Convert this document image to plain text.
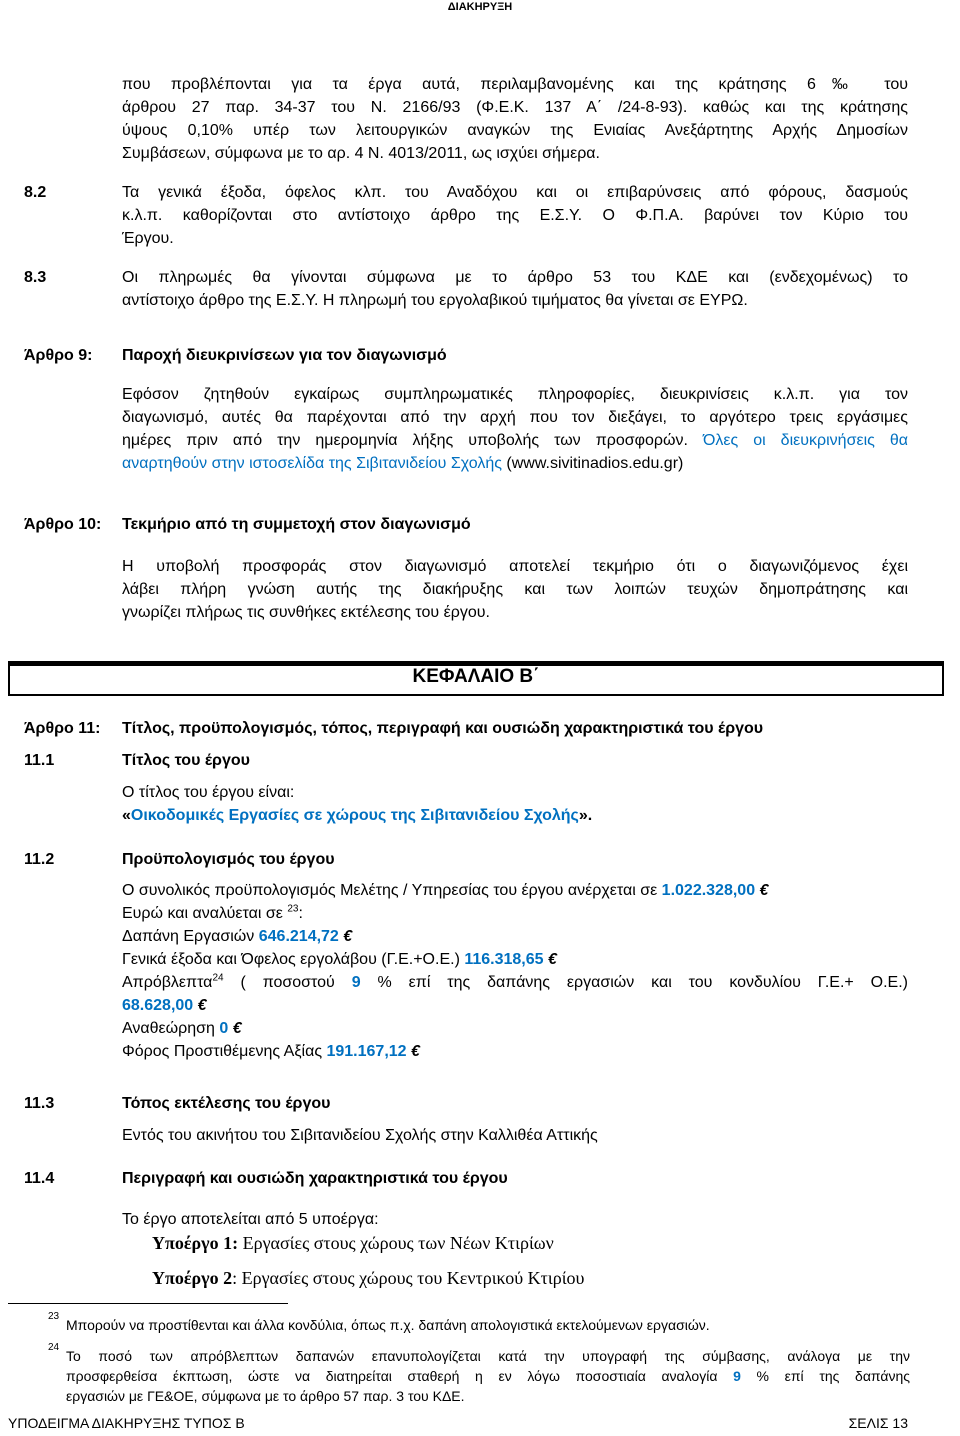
ΔΙΑΚΗΡΥΞΗ
που προβλέπονται για τα έργα αυτά, περιλαμβανομένης και της κράτησης 6‰ του
άρθρου 27 παρ. 34-37 του Ν. 2166/93 (Φ.Ε.Κ. 137 Α΄ /24-8-93). καθώς και της κράτησης
ύψους 0,10% υπέρ των λειτουργικών αναγκών της Ενιαίας Ανεξάρτητης Αρχής Δημοσίων
Συμβάσεων, σύμφωνα με το αρ. 4 Ν. 4013/2011, ως ισχύει σήμερα.
8.2	Τα γενικά έξοδα, όφελος κλπ. του Αναδόχου και οι επιβαρύνσεις από φόρους, δασμούς
κ.λ.π. καθορίζονται στο αντίστοιχο άρθρο της Ε.Σ.Υ. Ο Φ.Π.Α. βαρύνει τον Κύριο του
Έργου.
8.3	Οι πληρωμές θα γίνονται σύμφωνα με το άρθρο 53 του ΚΔΕ και (ενδεχομένως) το
αντίστοιχο άρθρο της Ε.Σ.Υ. Η πληρωμή του εργολαβικού τιμήματος θα γίνεται σε ΕΥΡΩ.
Άρθρο 9: Παροχή διευκρινίσεων για τον διαγωνισμό
Εφόσον ζητηθούν εγκαίρως συμπληρωματικές πληροφορίες, διευκρινίσεις κ.λ.π. για τον
διαγωνισμό, αυτές θα παρέχονται από την αρχή που τον διεξάγει, το αργότερο τρεις εργάσιμες
ημέρες πριν από την ημερομηνία λήξης υποβολής των προσφορών. Όλες οι διευκρινήσεις θα
αναρτηθούν στην ιστοσελίδα της Σιβιτανιδείου Σχολής (www.sivitinadios.edu.gr)
Άρθρο 10: Τεκμήριο από τη συμμετοχή στον διαγωνισμό
Η υποβολή προσφοράς στον διαγωνισμό αποτελεί τεκμήριο ότι ο διαγωνιζόμενος έχει
λάβει πλήρη γνώση αυτής της διακήρυξης και των λοιπών τευχών δημοπράτησης και
γνωρίζει πλήρως τις συνθήκες εκτέλεσης του έργου.
ΚΕΦΑΛΑΙΟ Β΄
Άρθρο 11: Τίτλος, προϋπολογισμός, τόπος, περιγραφή και ουσιώδη χαρακτηριστικά του έργου
11.1	Τίτλος του έργου
Ο τίτλος του έργου είναι:
«Οικοδομικές Εργασίες σε χώρους της Σιβιτανιδείου Σχολής».
11.2	Προϋπολογισμός του έργου
Ο συνολικός προϋπολογισμός Μελέτης / Υπηρεσίας του έργου ανέρχεται σε 1.022.328,00 €
Ευρώ και αναλύεται σε $^{23}$:
Δαπάνη Εργασιών 646.214,72 €
Γενικά έξοδα και Όφελος εργολάβου (Γ.Ε.+Ο.Ε.) 116.318,65 €
Απρόβλεπτα$^{24}$ ( ποσοστού 9 % επί της δαπάνης εργασιών και του κονδυλίου Γ.Ε.+ Ο.Ε.)
68.628,00 €
Αναθεώρηση 0 €
Φόρος Προστιθέμενης Αξίας 191.167,12 €
11.3	Τόπος εκτέλεσης του έργου
Εντός του ακινήτου του Σιβιτανιδείου Σχολής στην Καλλιθέα Αττικής
11.4	Περιγραφή και ουσιώδη χαρακτηριστικά του έργου
Το έργο αποτελείται από 5 υποέργα:
Υποέργο 1: Εργασίες στους χώρους των Νέων Κτιρίων
Υποέργο 2: Εργασίες στους χώρους του Κεντρικού Κτιρίου
23
Μπορούν να προστίθενται και άλλα κονδύλια, όπως π.χ. δαπάνη απολογιστικά εκτελούμενων εργασιών.
24
Το ποσό των απρόβλεπτων δαπανών επανυπολογίζεται κατά την υπογραφή της σύμβασης, ανάλογα με την
προσφερθείσα έκπτωση, ώστε να διατηρείται σταθερή η εν λόγω ποσοστιαία αναλογία 9 % επί της δαπάνης
εργασιών με ΓΕ&ΟΕ, σύμφωνα με το άρθρο 57 παρ. 3 του ΚΔΕ.
ΥΠΟΔΕΙΓΜΑ ΔΙΑΚΗΡΥΞΗΣ ΤΥΠΟΣ Β	ΣΕΛΙΣ 13
